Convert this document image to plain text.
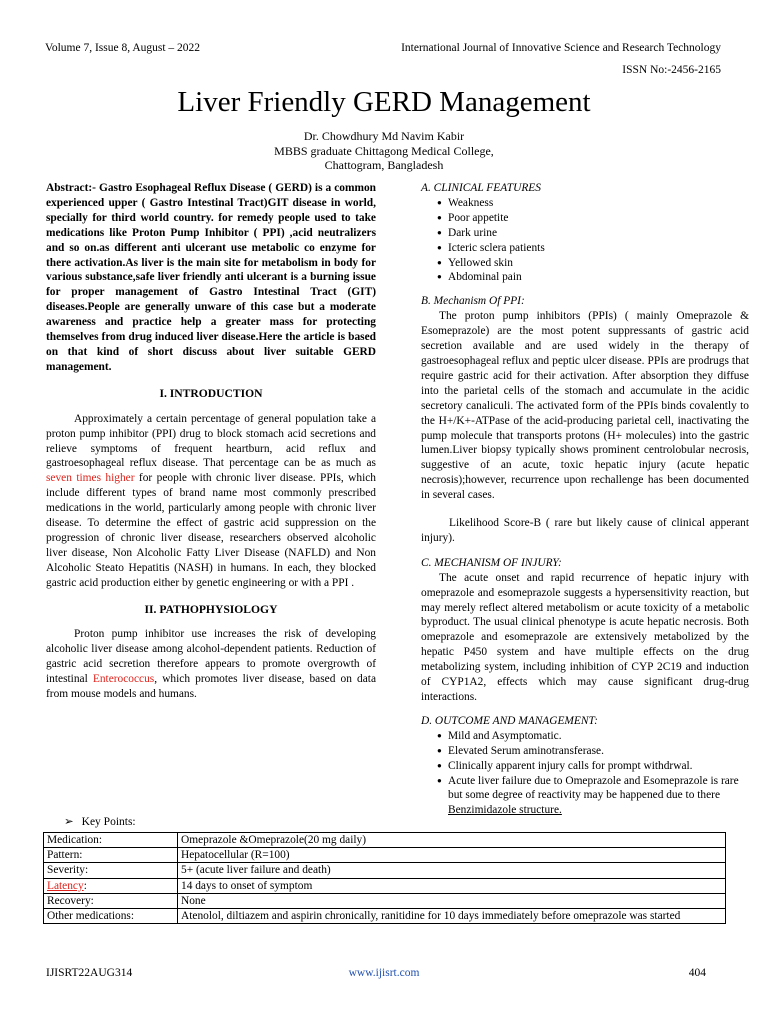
Volume 7, Issue 8, August – 2022	International Journal of Innovative Science and Research Technology
ISSN No:-2456-2165
Liver Friendly GERD Management
Dr. Chowdhury Md Navim Kabir
MBBS graduate Chittagong Medical College,
Chattogram, Bangladesh

Abstract:- Gastro Esophageal Reflux Disease ( GERD) is a common experienced upper ( Gastro Intestinal Tract)GIT disease in world, specially for third world country. for remedy people used to take medications like Proton Pump Inhibitor ( PPI) ,acid neutralizers and so on.as different anti ulcerant use metabolic co enzyme for there activation.As liver is the main site for metabolism in body for various substance,safe liver friendly anti ulcerant is a burning issue for proper management of Gastro Intestinal Tract (GIT) diseases.People are generally unware of this case but a moderate awareness and practice help a greater mass for protecting themselves from drug induced liver disease.Here the article is based on that kind of short discuss about liver suitable GERD management.

I. INTRODUCTION

Approximately a certain percentage of general population take a proton pump inhibitor (PPI) drug to block stomach acid secretions and relieve symptoms of frequent heartburn, acid reflux and gastroesophageal reflux disease. That percentage can be as much as seven times higher for people with chronic liver disease. PPIs, which include different types of brand name most commonly prescribed medications in the world, particularly among people with chronic liver disease. To determine the effect of gastric acid suppression on the progression of chronic liver disease, researchers observed alcoholic liver disease, Non Alcoholic Fatty Liver Disease (NAFLD) and Non Alcoholic Steato Hepatitis (NASH) in humans. In each, they blocked gastric acid production either by genetic engineering or with a PPI .

II. PATHOPHYSIOLOGY

Proton pump inhibitor use increases the risk of developing alcoholic liver disease among alcohol-dependent patients. Reduction of gastric acid secretion therefore appears to promote overgrowth of intestinal Enterococcus, which promotes liver disease, based on data from mouse models and humans.

A. CLINICAL FEATURES
● Weakness
● Poor appetite
● Dark urine
● Icteric sclera patients
● Yellowed skin
● Abdominal pain
B. Mechanism Of PPI:

The proton pump inhibitors (PPIs) ( mainly Omeprazole & Esomeprazole) are the most potent suppressants of gastric acid secretion available and are used widely in the therapy of gastroesophageal reflux and peptic ulcer disease. PPIs are prodrugs that require gastric acid for their activation. After absorption they diffuse into the parietal cells of the stomach and accumulate in the acidic secretory canaliculi. The activated form of the PPIs binds covalently to the H+/K+-ATPase of the acid-producing parietal cell, inactivating the pump molecule that transports protons (H+ molecules) into the gastric lumen.Liver biopsy typically shows prominent centrolobular necrosis, suggestive of an acute, toxic hepatic injury (acute hepatic necrosis);however, recurrence upon rechallenge has been documented in several cases.

Likelihood Score-B ( rare but likely cause of clinical apperant injury).

C. MECHANISM OF INJURY:

The acute onset and rapid recurrence of hepatic injury with omeprazole and esomeprazole suggests a hypersensitivity reaction, but may merely reflect altered metabolism or acute toxicity of a metabolic byproduct. The usual clinical phenotype is acute hepatic necrosis. Both omeprazole and esomeprazole are extensively metabolized by the hepatic P450 system and have multiple effects on the drug metabolizing system, including inhibition of CYP 2C19 and induction of CYP1A2, effects which may cause significant drug-drug interactions.

D. OUTCOME AND MANAGEMENT:
● Mild and Asymptomatic.
● Elevated Serum aminotransferase.
● Clinically apparent injury calls for prompt withdrwal.
● Acute liver failure due to Omeprazole and Esomeprazole is rare but some degree of reactivity may be happened due to there Benzimidazole structure.
➢ Key Points:
Medication:	Omeprazole &Omeprazole(20 mg daily)
Pattern:	Hepatocellular (R=100)
Severity:	5+ (acute liver failure and death)
Latency:	14 days to onset of symptom
Recovery:	None
Other medications:	Atenolol, diltiazem and aspirin chronically, ranitidine for 10 days immediately before omeprazole was started
IJISRT22AUG314	www.ijisrt.com	404
